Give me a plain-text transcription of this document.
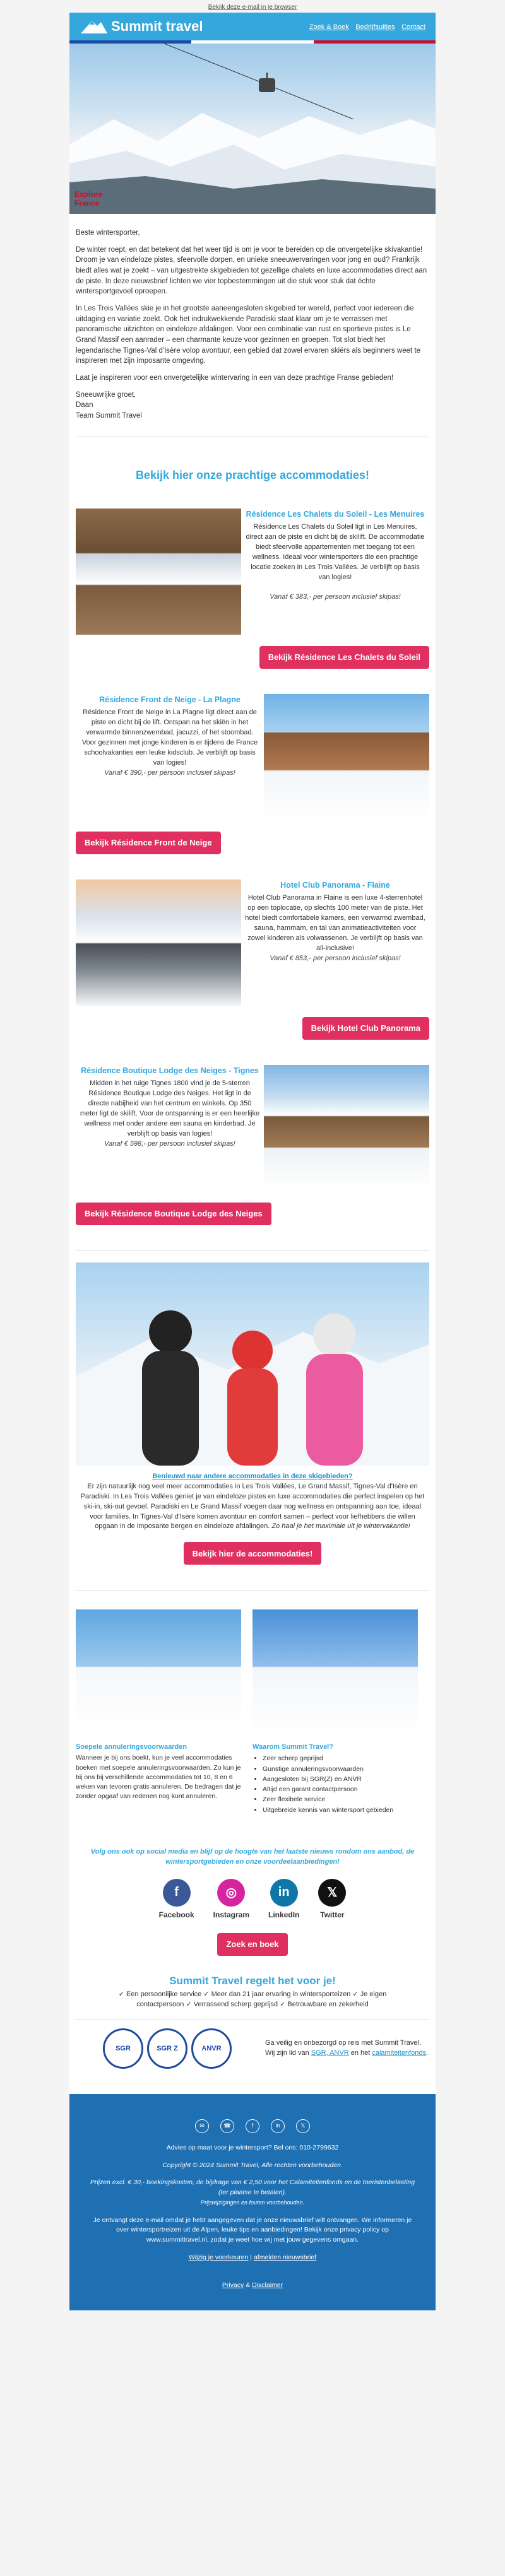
Bekijk deze e-mail in je browser
Summit travel	Zoek & Boek Bedrijfsuitjes Contact
Explore
France

Beste wintersporter,

De winter roept, en dat betekent dat het weer tijd is om je voor te bereiden op die onvergetelijke skivakantie! Droom je van eindeloze pistes, sfeervolle dorpen, en unieke sneeuwervaringen voor jong en oud? Frankrijk biedt alles wat je zoekt – van uitgestrekte skigebieden tot gezellige chalets en luxe accommodaties direct aan de piste. In deze nieuwsbrief lichten we vier topbestemmingen uit die stuk voor stuk dat échte wintersportgevoel oproepen.

In Les Trois Vallées skie je in het grootste aaneengesloten skigebied ter wereld, perfect voor iedereen die uitdaging en variatie zoekt. Ook het indrukwekkende Paradiski staat klaar om je te verrassen met panoramische uitzichten en eindeloze afdalingen. Voor een combinatie van rust en sportieve pistes is Le Grand Massif een aanrader – een charmante keuze voor gezinnen en groepen. Tot slot biedt het legendarische Tignes-Val d'Isère volop avontuur, een gebied dat zowel ervaren skiërs als beginners weet te inspireren met zijn imposante omgeving.

Laat je inspireren voor een onvergetelijke wintervaring in een van deze prachtige Franse gebieden!

Sneeuwrijke groet,
Daan
Team Summit Travel

Bekijk hier onze prachtige accommodaties!
Résidence Les Chalets du Soleil - Les Menuires

Résidence Les Chalets du Soleil ligt in Les Menuires, direct aan de piste en dicht bij de skilift. De accommodatie biedt sfeervolle appartementen met toegang tot een wellness. Ideaal voor wintersporters die een prachtige locatie zoeken in Les Trois Vallées. Je verblijft op basis van logies!

Vanaf € 383,- per persoon inclusief skipas!

Bekijk Résidence Les Chalets du Soleil
Résidence Front de Neige - La Plagne

Résidence Front de Neige in La Plagne ligt direct aan de piste en dicht bij de lift. Ontspan na het skiën in het verwarmde binnenzwembad, jacuzzi, of het stoombad. Voor gezinnen met jonge kinderen is er tijdens de France schoolvakanties een leuke kidsclub. Je verblijft op basis van logies!

Vanaf € 390,- per persoon inclusief skipas!

Bekijk Résidence Front de Neige
Hotel Club Panorama - Flaine

Hotel Club Panorama in Flaine is een luxe 4-sterrenhotel op een toplocatie, op slechts 100 meter van de piste. Het hotel biedt comfortabele kamers, een verwarmd zwembad, sauna, hammam, en tal van animatieactiviteiten voor zowel kinderen als volwassenen. Je verblijft op basis van all-inclusive!

Vanaf € 853,- per persoon inclusief skipas!

Bekijk Hotel Club Panorama
Résidence Boutique Lodge des Neiges - Tignes

Midden in het ruige Tignes 1800 vind je de 5-sterren Résidence Boutique Lodge des Neiges. Het ligt in de directe nabijheid van het centrum en winkels. Op 350 meter ligt de skilift. Voor de ontspanning is er een heerlijke wellness met onder andere een sauna en kinderbad. Je verblijft op basis van logies!

Vanaf € 598,- per persoon inclusief skipas!

Bekijk Résidence Boutique Lodge des Neiges
Benieuwd naar andere accommodaties in deze skigebieden?

Er zijn natuurlijk nog veel meer accommodaties in Les Trois Vallées, Le Grand Massif, Tignes-Val d'Isère en Paradiski. In Les Trois Vallées geniet je van eindeloze pistes en luxe accommodaties die perfect inspelen op het ski-in, ski-out gevoel. Paradiski en Le Grand Massif voegen daar nog wellness en ontspanning aan toe, ideaal voor families. In Tignes-Val d'Isère komen avontuur en comfort samen – perfect voor liefhebbers die willen opgaan in de imposante bergen en eindeloze afdalingen. Zo haal je het maximale uit je wintervakantie!

Bekijk hier de accommodaties!
Soepele annuleringsvoorwaarden

Wanneer je bij ons boekt, kun je veel accommodaties boeken met soepele annuleringsvoorwaarden. Zo kun je bij ons bij verschillende accommodaties tot 10, 8 en 6 weken van tevoren gratis annuleren. De bedragen dat je zonder opgaaf van redenen nog kunt annuleren.

Waarom Summit Travel?
• Zeer scherp geprijsd
• Gunstige annuleringsvoorwaarden
• Aangesloten bij SGR(Z) en ANVR
• Altijd een garant contactpersoon
• Zeer flexibele service
• Uitgebreide kennis van wintersport gebieden
Volg ons ook op social media en blijf op de hoogte van het laatste nieuws rondom ons aanbod, de wintersportgebieden en onze voordeelaanbiedingen!
f
Facebook
◎
Instagram
in
LinkedIn
𝕏
Twitter
Zoek en boek
Summit Travel regelt het voor je!

✓ Een persoonlijke service ✓ Meer dan 21 jaar ervaring in wintersporteizen ✓ Je eigen

contactpersoon ✓ Verrassend scherp geprijsd ✓ Betrouwbare en zekerheid

SGR	SGR Z	ANVR
Ga veilig en onbezorgd op reis met Summit Travel. Wij zijn lid van SGR, ANVR en het calamiteitenfonds.
✉	☎	f	in	𝕏

Advies op maat voor je wintersport? Bel ons: 010-2799632

Copyright © 2024 Summit Travel, Alle rechten voorbehouden.

Prijzen excl. € 30,- boekingskosten, de bijdrage van € 2,50 voor het Calamiteitenfonds en de toeristenbelasting (ter plaatse te betalen).
Prijswijzigingen en fouten voorbehouden.

Je ontvangt deze e-mail omdat je hebt aangegeven dat je onze nieuwsbrief wilt ontvangen. We informeren je over wintersportreizen uit de Alpen, leuke tips en aanbiedingen! Bekijk onze privacy policy op www.summittravel.nl, zodat je weet hoe wij met jouw gegevens omgaan.

Wijzig je voorkeuren | afmelden nieuwsbrief

Privacy & Disclaimer
